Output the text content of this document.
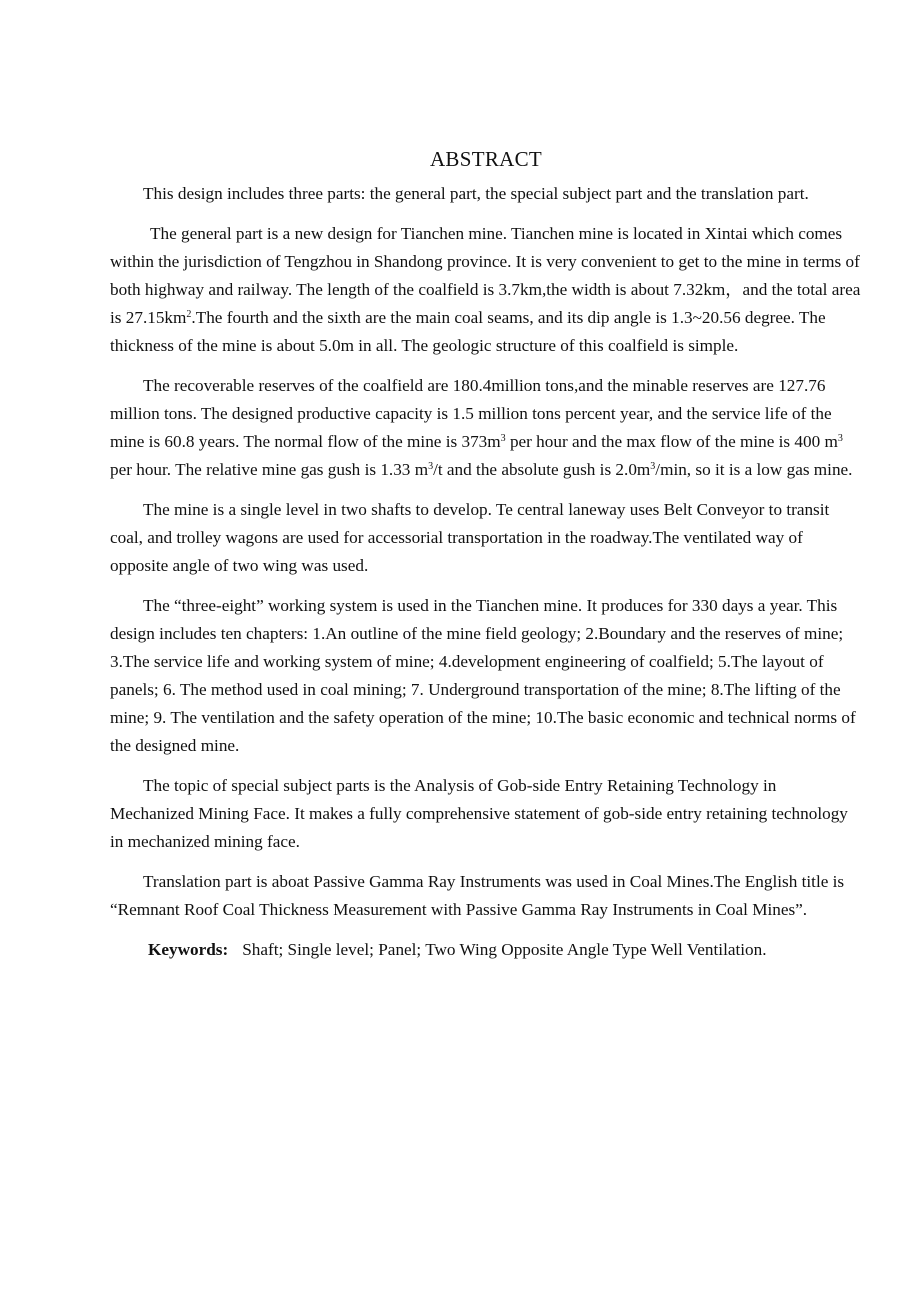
ABSTRACT

This design includes three parts: the general part, the special subject part and the translation part.

The general part is a new design for Tianchen mine. Tianchen mine is located in Xintai which comes within the jurisdiction of Tengzhou in Shandong province. It is very convenient to get to the mine in terms of both highway and railway. The length of the coalfield is 3.7km,the width is about 7.32km，and the total area is $27.15km^2.The$ fourth and the sixth are the main coal seams, and its dip angle is 1.3~20.56 degree. The thickness of the mine is about 5.0m in all. The geologic structure of this coalfield is simple.

The recoverable reserves of the coalfield are 180.4million tons,and the minable reserves are 127.76 million tons. The designed productive capacity is 1.5 million tons percent year, and the service life of the mine is 60.8 years. The normal flow of the mine is $373m^3$ per hour and the max flow of the mine is 400 $m^3$ per hour. The relative mine gas gush is 1.33 $m^3/t$ and the absolute gush is $2.0m^3/\min$, so it is a low gas mine.

The mine is a single level in two shafts to develop. Te central laneway uses Belt Conveyor to transit coal, and trolley wagons are used for accessorial transportation in the roadway.The ventilated way of opposite angle of two wing was used.

The “three-eight” working system is used in the Tianchen mine. It produces for 330 days a year. This design includes ten chapters: 1.An outline of the mine field geology; 2.Boundary and the reserves of mine; 3.The service life and working system of mine; 4.development engineering of coalfield; 5.The layout of panels; 6. The method used in coal mining; 7. Underground transportation of the mine; 8.The lifting of the mine; 9. The ventilation and the safety operation of the mine; 10.The basic economic and technical norms of the designed mine.

The topic of special subject parts is the Analysis of Gob-side Entry Retaining Technology in Mechanized Mining Face. It makes a fully comprehensive statement of gob-side entry retaining technology in mechanized mining face.

Translation part is aboat Passive Gamma Ray Instruments was used in Coal Mines.The English title is “Remnant Roof Coal Thickness Measurement with Passive Gamma Ray Instruments in Coal Mines”.

Keywords: Shaft; Single level; Panel; Two Wing Opposite Angle Type Well Ventilation.
